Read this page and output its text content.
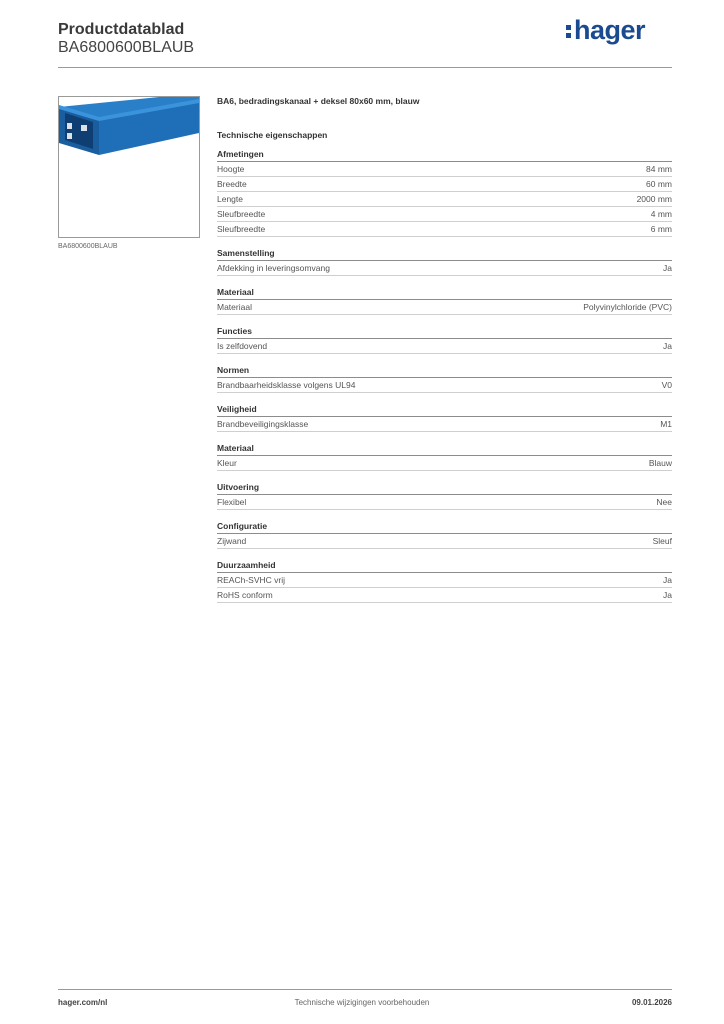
Productdatablad
BA6800600BLAUB
hager
BA6800600BLAUB
BA6, bedradingskanaal + deksel 80x60 mm, blauw
Technische eigenschappen
Afmetingen
Hoogte	84 mm
Breedte	60 mm
Lengte	2000 mm
Sleufbreedte	4 mm
Sleufbreedte	6 mm
Samenstelling
Afdekking in leveringsomvang	Ja
Materiaal
Materiaal	Polyvinylchloride (PVC)
Functies
Is zelfdovend	Ja
Normen
Brandbaarheidsklasse volgens UL94	V0
Veiligheid
Brandbeveiligingsklasse	M1
Materiaal
Kleur	Blauw
Uitvoering
Flexibel	Nee
Configuratie
Zijwand	Sleuf
Duurzaamheid
REACh-SVHC vrij	Ja
RoHS conform	Ja
hager.com/nl	Technische wijzigingen voorbehouden	09.01.2026
